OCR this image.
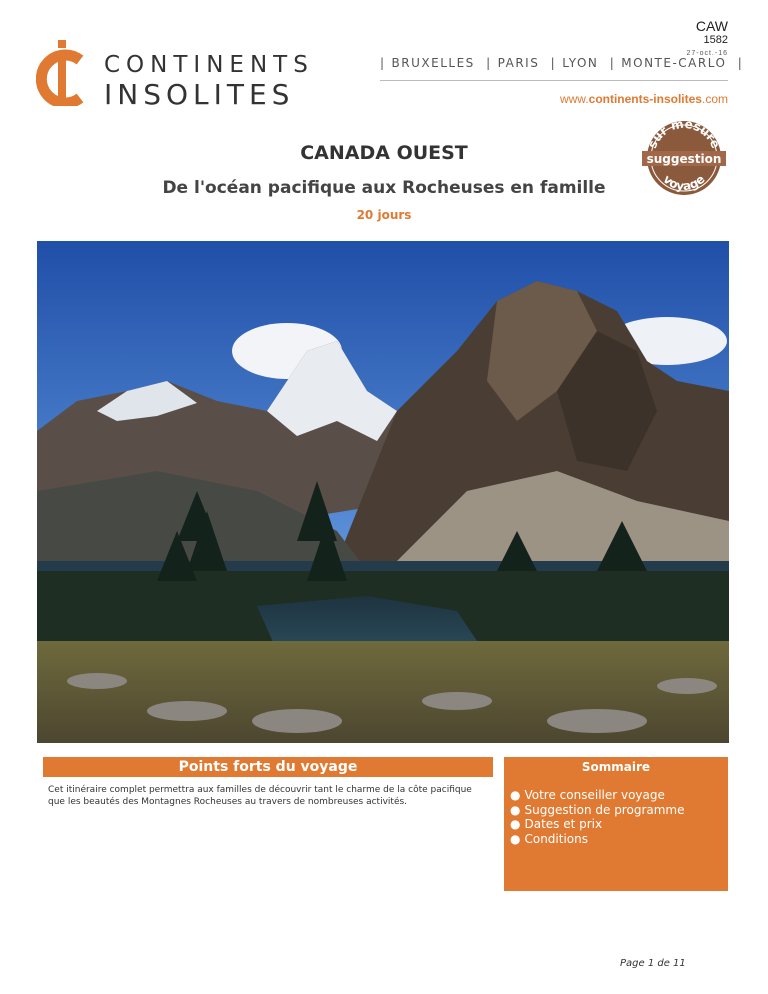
CAW
1582
27-oct.-16
CONTINENTS
INSOLITES
| BRUXELLES | PARIS | LYON | MONTE-CARLO |
www.continents-insolites.com
sur mesure
suggestion
voyage
CANADA OUEST
De l'océan pacifique aux Rocheuses en famille
20 jours
Points forts du voyage
Cet itinéraire complet permettra aux familles de découvrir tant le charme de la côte pacifique que les beautés des Montagnes Rocheuses au travers de nombreuses activités.
Sommaire
● Votre conseiller voyage
● Suggestion de programme
● Dates et prix
● Conditions
Page 1 de 11
